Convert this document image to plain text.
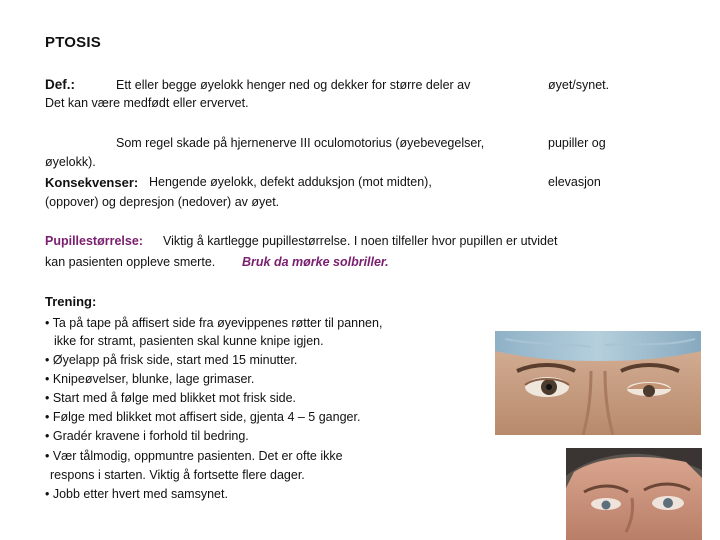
PTOSIS
Def.:	Ett eller begge øyelokk henger ned og dekker for større deler av	øyet/synet.
Det kan være medfødt eller ervervet.
Som regel skade på hjernenerve III oculomotorius (øyebevegelser,	pupiller og
øyelokk).
Konsekvenser: Hengende øyelokk, defekt adduksjon (mot midten),	elevasjon
(oppover) og depresjon (nedover) av øyet.
Pupillestørrelse: Viktig å kartlegge pupillestørrelse. I noen tilfeller hvor pupillen er utvidet
kan pasienten oppleve smerte. Bruk da mørke solbriller.
Trening:
• Ta på tape på affisert side fra øyevippenes røtter til pannen,
ikke for stramt, pasienten skal kunne knipe igjen.
• Øyelapp på frisk side, start med 15 minutter.
• Knipeøvelser, blunke, lage grimaser.
• Start med å følge med blikket mot frisk side.
• Følge med blikket mot affisert side, gjenta 4 – 5 ganger.
• Gradér kravene i forhold til bedring.
• Vær tålmodig, oppmuntre pasienten. Det er ofte ikke
respons i starten. Viktig å fortsette flere dager.
• Jobb etter hvert med samsynet.
